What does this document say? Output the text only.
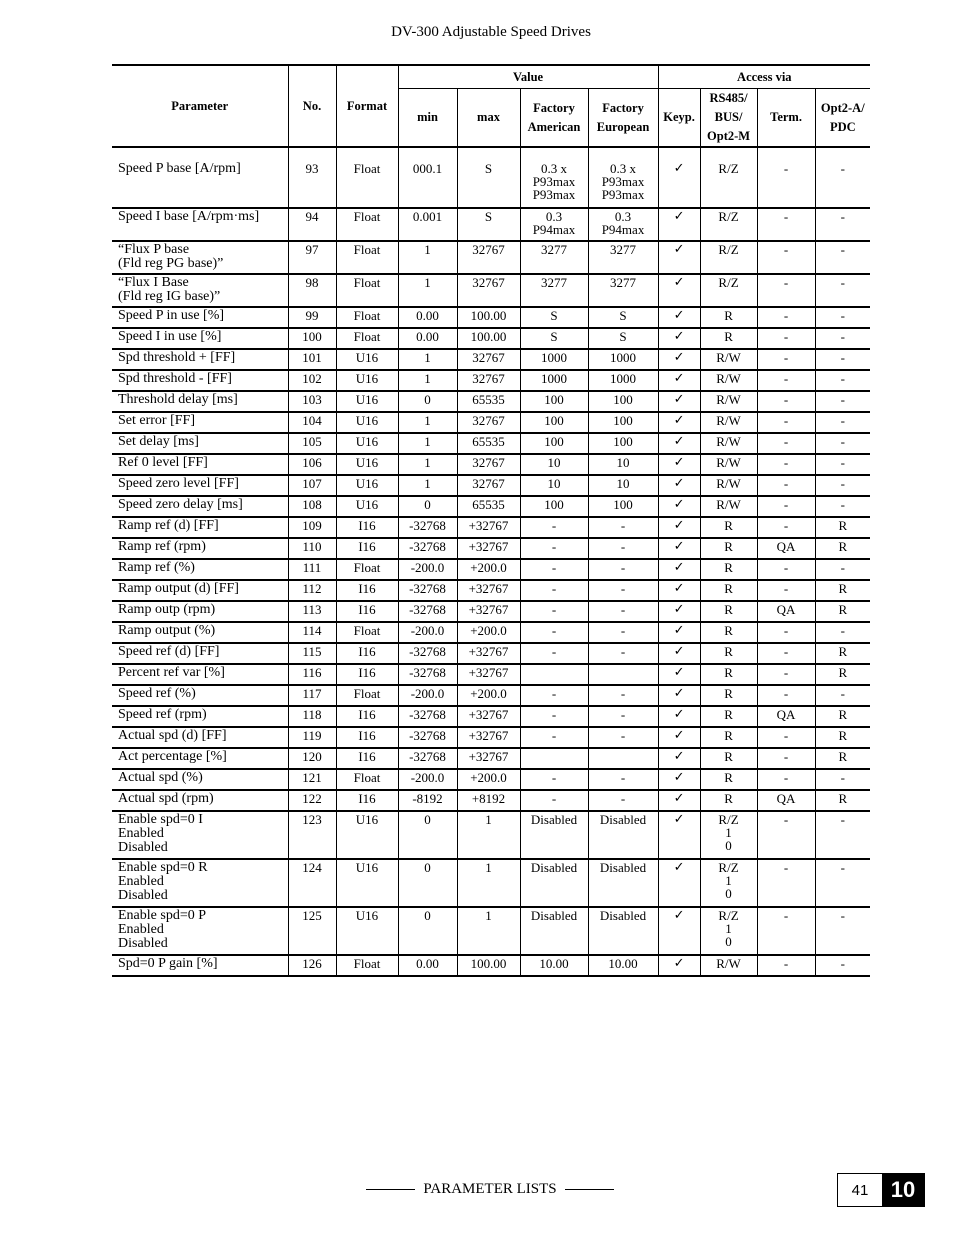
DV-300 Adjustable Speed Drives
Parameter	No.	Format	Value				Access via			
			min	max	Factory American	Factory European	Keyp.	RS485/ BUS/ Opt2-M	Term.	Opt2-A/ PDC

Speed P base [A/rpm]	93	Float	000.1	S	0.3 x
P93max
P93max	0.3 x
P93max
P93max	✓	R/Z	-	-
Speed I base [A/rpm·ms]	94	Float	0.001	S	0.3
P94max	0.3
P94max	✓	R/Z	-	-
“Flux P base
(Fld reg PG base)”	97	Float	1	32767	3277	3277	✓	R/Z	-	-
“Flux I Base
(Fld reg IG base)”	98	Float	1	32767	3277	3277	✓	R/Z	-	-
Speed P in use [%]	99	Float	0.00	100.00	S	S	✓	R	-	-
Speed I in use [%]	100	Float	0.00	100.00	S	S	✓	R	-	-
Spd threshold + [FF]	101	U16	1	32767	1000	1000	✓	R/W	-	-
Spd threshold - [FF]	102	U16	1	32767	1000	1000	✓	R/W	-	-
Threshold delay [ms]	103	U16	0	65535	100	100	✓	R/W	-	-
Set error [FF]	104	U16	1	32767	100	100	✓	R/W	-	-
Set delay [ms]	105	U16	1	65535	100	100	✓	R/W	-	-
Ref 0 level [FF]	106	U16	1	32767	10	10	✓	R/W	-	-
Speed zero level [FF]	107	U16	1	32767	10	10	✓	R/W	-	-
Speed zero delay [ms]	108	U16	0	65535	100	100	✓	R/W	-	-
Ramp ref (d) [FF]	109	I16	-32768	+32767	-	-	✓	R	-	R
Ramp ref (rpm)	110	I16	-32768	+32767	-	-	✓	R	QA	R
Ramp ref (%)	111	Float	-200.0	+200.0	-	-	✓	R	-	-
Ramp output (d) [FF]	112	I16	-32768	+32767	-	-	✓	R	-	R
Ramp outp (rpm)	113	I16	-32768	+32767	-	-	✓	R	QA	R
Ramp output (%)	114	Float	-200.0	+200.0	-	-	✓	R	-	-
Speed ref (d) [FF]	115	I16	-32768	+32767	-	-	✓	R	-	R
Percent ref var [%]	116	I16	-32768	+32767			✓	R	-	R
Speed ref (%)	117	Float	-200.0	+200.0	-	-	✓	R	-	-
Speed ref (rpm)	118	I16	-32768	+32767	-	-	✓	R	QA	R
Actual spd (d) [FF]	119	I16	-32768	+32767	-	-	✓	R	-	R
Act percentage [%]	120	I16	-32768	+32767			✓	R	-	R
Actual spd (%)	121	Float	-200.0	+200.0	-	-	✓	R	-	-
Actual spd (rpm)	122	I16	-8192	+8192	-	-	✓	R	QA	R
Enable spd=0 I
Enabled
Disabled	123	U16	0	1	Disabled	Disabled	✓	R/Z
1
0	-	-
Enable spd=0 R
Enabled
Disabled	124	U16	0	1	Disabled	Disabled	✓	R/Z
1
0	-	-
Enable spd=0 P
Enabled
Disabled	125	U16	0	1	Disabled	Disabled	✓	R/Z
1
0	-	-
Spd=0 P gain [%]	126	Float	0.00	100.00	10.00	10.00	✓	R/W	-	-
PARAMETER LISTS	41	10
